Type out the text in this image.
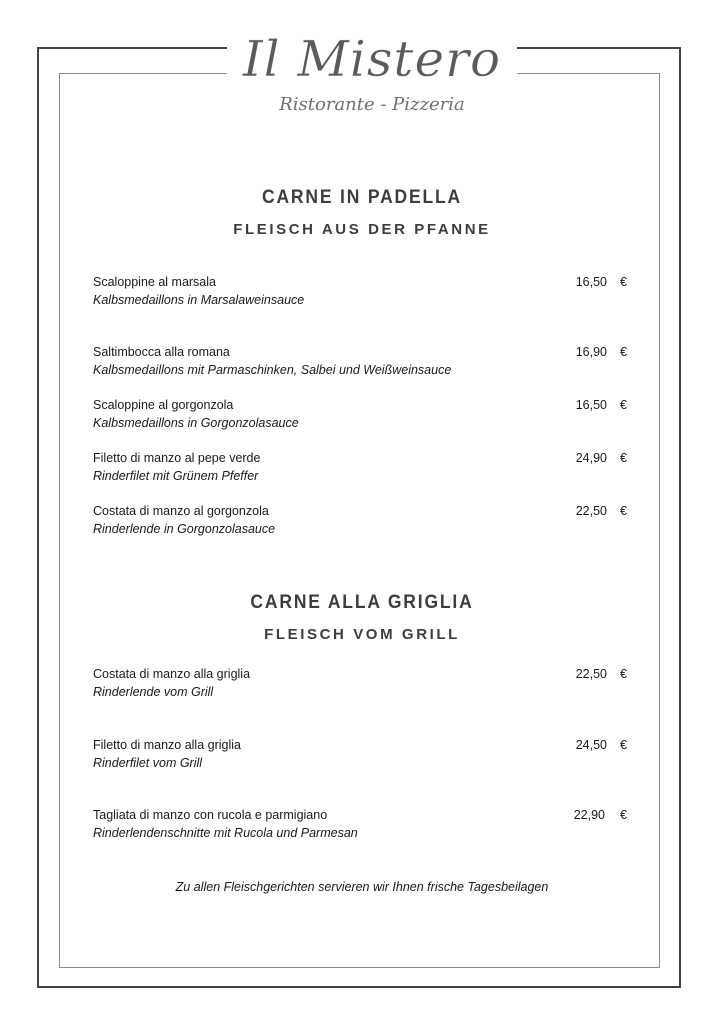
Il Mistero
Ristorante - Pizzeria
CARNE IN PADELLA
FLEISCH AUS DER PFANNE
Scaloppine al marsala
Kalbsmedaillons in Marsalaweinsauce
16,50 €
Saltimbocca alla romana
Kalbsmedaillons mit Parmaschinken, Salbei und Weißweinsauce
16,90 €
Scaloppine al gorgonzola
Kalbsmedaillons in Gorgonzolasauce
16,50 €
Filetto di manzo al pepe verde
Rinderfilet mit Grünem Pfeffer
24,90 €
Costata di manzo al gorgonzola
Rinderlende in Gorgonzolasauce
22,50 €
CARNE ALLA GRIGLIA
FLEISCH VOM GRILL
Costata di manzo alla griglia
Rinderlende vom Grill
22,50 €
Filetto di manzo alla griglia
Rinderfilet vom Grill
24,50 €
Tagliata di manzo con rucola e parmigiano
Rinderlendenschnitte mit Rucola und Parmesan
22,90 €
Zu allen Fleischgerichten servieren wir Ihnen frische Tagesbeilagen
